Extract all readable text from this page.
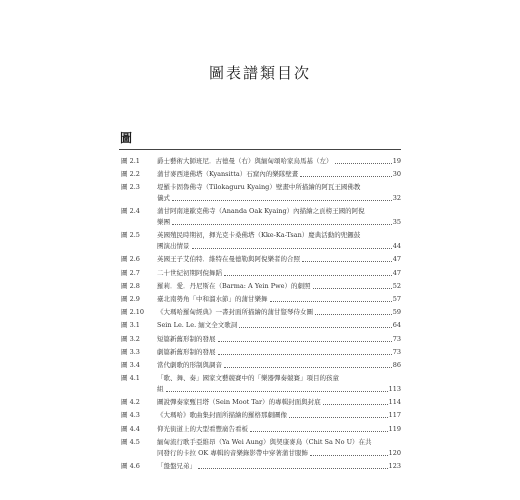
圖表譜類目次
圖
圖 2.1	爵士藝術大師班尼．古德曼（右）與緬甸頌哈家烏馬基（左）	19
圖 2.2	蒲甘麥西達佛塔（Kyansitta）石窟內的樂隊壁畫	30
圖 2.3	堤羅卡固魯佛寺（Tilokaguru Kyaing）壁畫中所描繪的阿瓦王國佛教
儀式	32
圖 2.4	蒲甘阿南達歐克佛寺（Ananda Oak Kyaing）內描繪之貢榜王國的阿倪
樂團	35
圖 2.5	英國殖民時期初，揮光克卡桑佛塔（Kke-Ka-Tsan）慶典活動的兜鑼鼓
團演出情景	44
圖 2.6	英國王子艾伯特．維特在曼德勒與阿倪樂者的合照	47
圖 2.7	二十世紀初期阿倪舞蹈	47
圖 2.8	羅莉．愛．丹尼斯在（Barma: A Yein Pwe）的劇照	52
圖 2.9	臺北南勢角「中和溜水節」的蒲甘樂舞	57
圖 2.10	《大瑪哈羅甸經典》一書封面所描繪的蒲甘豎琴侍女圖	59
圖 3.1	Sein Le. Le. 緬文全文歌詞	64
圖 3.2	短篇新舊形制的發展	73
圖 3.3	劇篇新舊形制的發展	73
圖 3.4	當代劇歌的形制與調音	86
圖 4.1	「歌、舞、奏」國家文藝競賽中的「樂器彈奏競賽」項目的孩童
組	113
圖 4.2	圖說彈奏家甄目塔（Sein Moot Tar）的專輯封面與封底	114
圖 4.3	《大瑪哈》歌曲集封面所描繪的羅格那劇圖像	117
圖 4.4	仰光街道上的大型看豐廣告看板	119
圖 4.5	緬甸流行歌手亞維昂（Ya Wei Aung）與契康麥烏（Chit Sa No U）在共
同發行的卡拉 OK 專輯的音樂錄影帶中穿著蒲甘服飾	120
圖 4.6	「盤盤兄弟」	123
